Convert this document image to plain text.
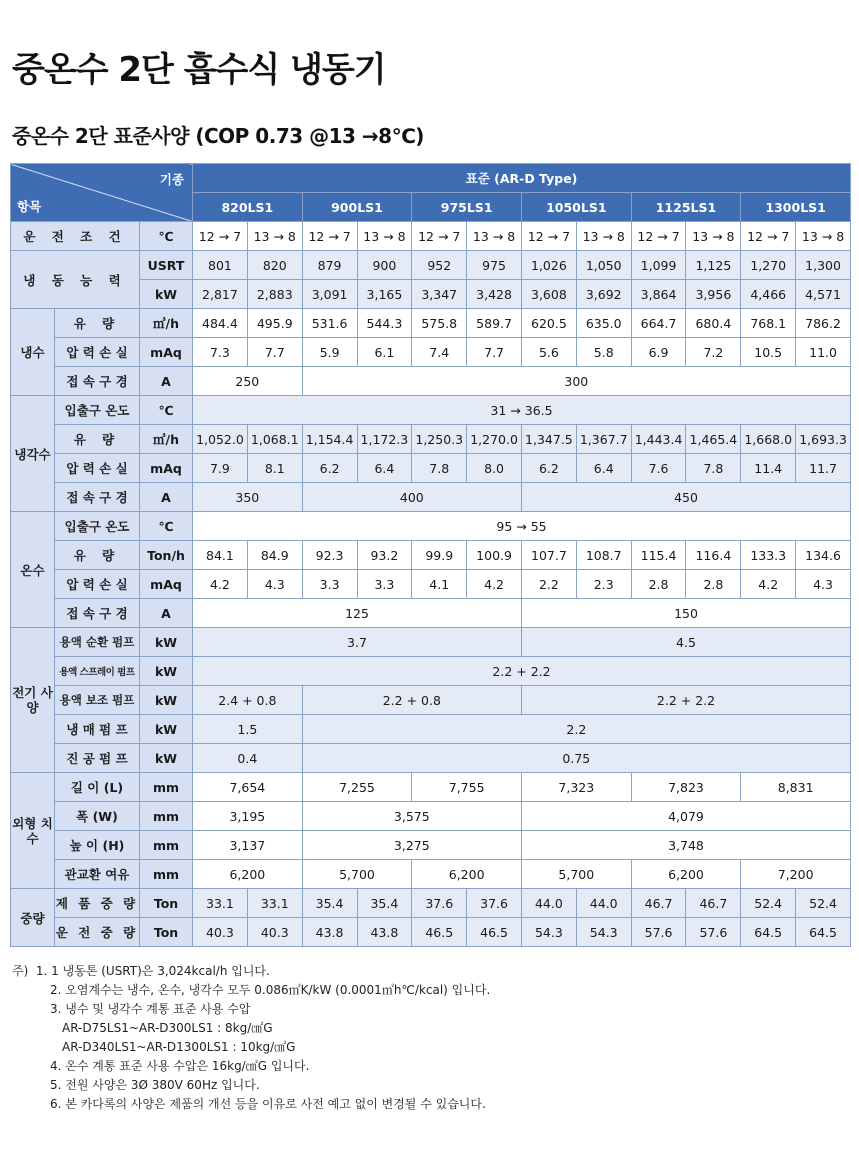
중온수 2단 흡수식 냉동기
중온수 2단 표준사양 (COP 0.73 @13 →8℃)
기종
항목			표준 (AR-D Type)											
			820LS1		900LS1		975LS1		1050LS1		1125LS1		1300LS1	
운 전 조 건		℃	12 → 7	13 → 8	12 → 7	13 → 8	12 → 7	13 → 8	12 → 7	13 → 8	12 → 7	13 → 8	12 → 7	13 → 8
냉 동 능 력		USRT	801	820	879	900	952	975	1,026	1,050	1,099	1,125	1,270	1,300
		kW	2,817	2,883	3,091	3,165	3,347	3,428	3,608	3,692	3,864	3,956	4,466	4,571
냉수	유 량	㎥/h	484.4	495.9	531.6	544.3	575.8	589.7	620.5	635.0	664.7	680.4	768.1	786.2
	압 력 손 실	mAq	7.3	7.7	5.9	6.1	7.4	7.7	5.6	5.8	6.9	7.2	10.5	11.0
	접 속 구 경	A	250		300									
냉각수	입출구 온도	℃	31 → 36.5											
	유 량	㎥/h	1,052.0	1,068.1	1,154.4	1,172.3	1,250.3	1,270.0	1,347.5	1,367.7	1,443.4	1,465.4	1,668.0	1,693.3
	압 력 손 실	mAq	7.9	8.1	6.2	6.4	7.8	8.0	6.2	6.4	7.6	7.8	11.4	11.7
	접 속 구 경	A	350		400				450					
온수	입출구 온도	℃	95 → 55											
	유 량	Ton/h	84.1	84.9	92.3	93.2	99.9	100.9	107.7	108.7	115.4	116.4	133.3	134.6
	압 력 손 실	mAq	4.2	4.3	3.3	3.3	4.1	4.2	2.2	2.3	2.8	2.8	4.2	4.3
	접 속 구 경	A	125						150					
전기 사양	용액 순환 펌프	kW	3.7						4.5					
	용액 스프레이 펌프	kW	2.2 + 2.2											
	용액 보조 펌프	kW	2.4 + 0.8		2.2 + 0.8				2.2 + 2.2					
	냉 매 펌 프	kW	1.5		2.2									
	진 공 펌 프	kW	0.4		0.75									
외형 치수	길 이 (L)	mm	7,654		7,255		7,755		7,323		7,823		8,831	
	폭 (W)	mm	3,195		3,575				4,079					
	높 이 (H)	mm	3,137		3,275				3,748					
	관교환 여유	mm	6,200		5,700		6,200		5,700		6,200		7,200	
중량	제 품 중 량	Ton	33.1	33.1	35.4	35.4	37.6	37.6	44.0	44.0	46.7	46.7	52.4	52.4
	운 전 중 량	Ton	40.3	40.3	43.8	43.8	46.5	46.5	54.3	54.3	57.6	57.6	64.5	64.5
주) 1. 1 냉동톤 (USRT)은 3,024kcal/h 입니다.
2. 오염계수는 냉수, 온수, 냉각수 모두 0.086㎡K/kW (0.0001㎡h℃/kcal) 입니다.
3. 냉수 및 냉각수 계통 표준 사용 수압
AR-D75LS1~AR-D300LS1 : 8kg/㎠G
AR-D340LS1~AR-D1300LS1 : 10kg/㎠G
4. 온수 계통 표준 사용 수압은 16kg/㎠G 입니다.
5. 전원 사양은 3Ø 380V 60Hz 입니다.
6. 본 카다록의 사양은 제품의 개선 등을 이유로 사전 예고 없이 변경될 수 있습니다.
